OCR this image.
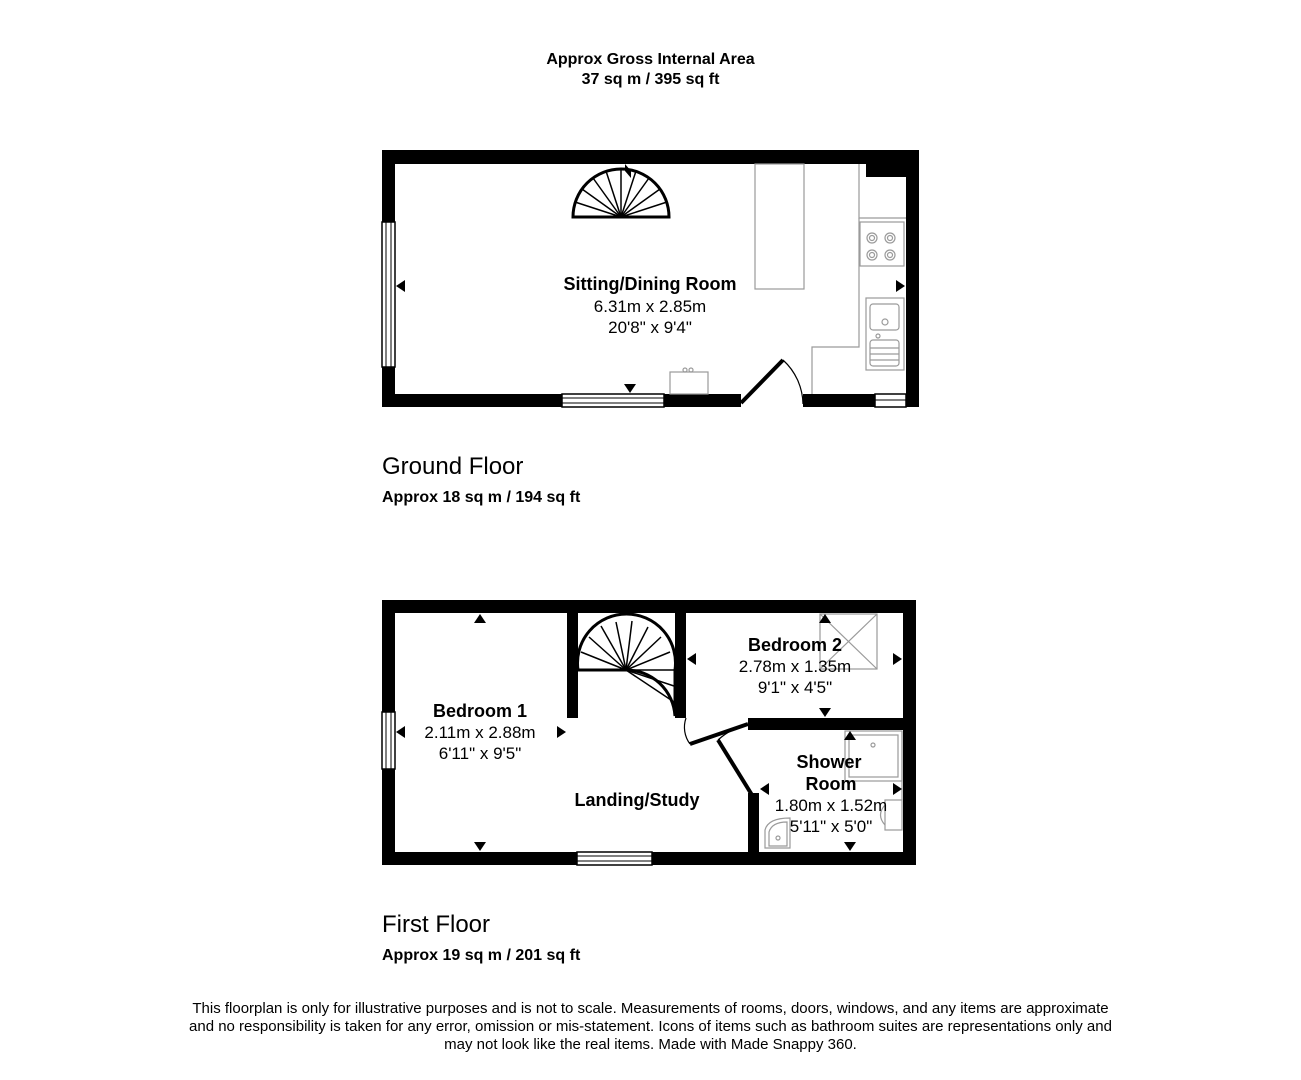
Approx Gross Internal Area
37 sq m / 395 sq ft
Sitting/Dining Room
6.31m x 2.85m
20'8" x 9'4"
Bedroom 1
2.11m x 2.88m
6'11" x 9'5"
Bedroom 2
2.78m x 1.35m
9'1" x 4'5"
Shower
Room
1.80m x 1.52m
5'11" x 5'0"
Landing/Study
Ground Floor
Approx 18 sq m / 194 sq ft
First Floor
Approx 19 sq m / 201 sq ft
This floorplan is only for illustrative purposes and is not to scale. Measurements of rooms, doors, windows, and any items are approximate
and no responsibility is taken for any error, omission or mis-statement. Icons of items such as bathroom suites are representations only and
may not look like the real items. Made with Made Snappy 360.
